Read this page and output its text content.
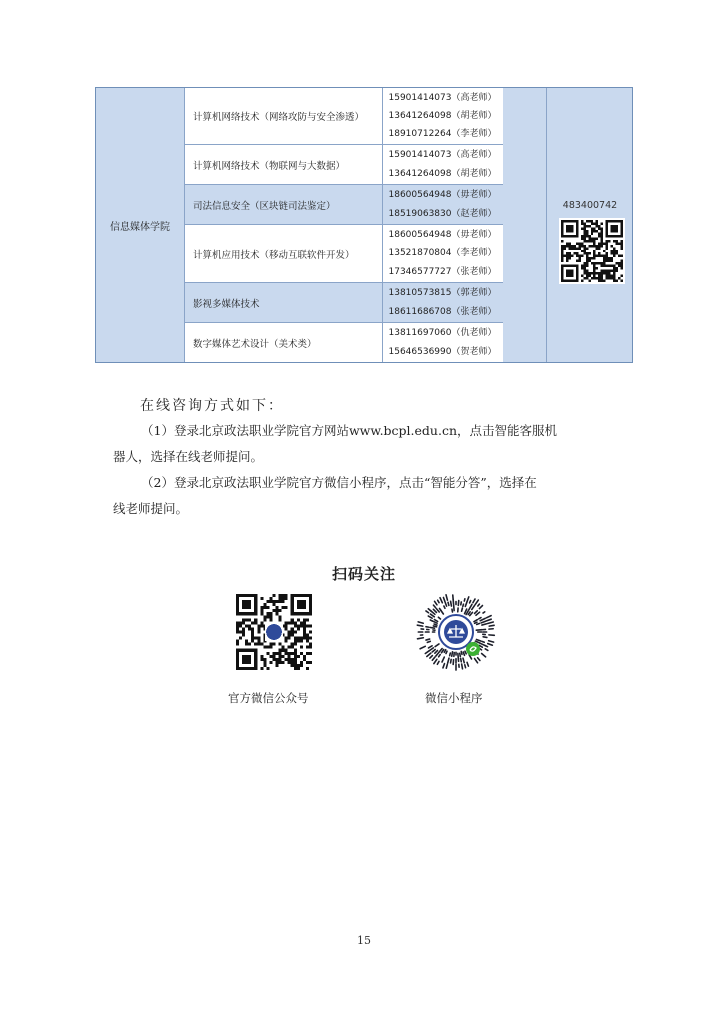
信息媒体学院
计算机网络技术（网络攻防与安全渗透）
15901414073（高老师）
13641264098（胡老师）
18910712264（李老师）
计算机网络技术（物联网与大数据）
15901414073（高老师）
13641264098（胡老师）
司法信息安全（区块链司法鉴定）
18600564948（毋老师）
18519063830（赵老师）
计算机应用技术（移动互联软件开发）
18600564948（毋老师）
13521870804（李老师）
17346577727（张老师）
影视多媒体技术
13810573815（郭老师）
18611686708（张老师）
数字媒体艺术设计（美术类）
13811697060（仇老师）
15646536990（贺老师）
483400742
在线咨询方式如下：
（1）登录北京政法职业学院官方网站www.bcpl.edu.cn，点击智能客服机
器人，选择在线老师提问。
（2）登录北京政法职业学院官方微信小程序，点击“智能分答”，选择在
线老师提问。
扫码关注
官方微信公众号	微信小程序
15
